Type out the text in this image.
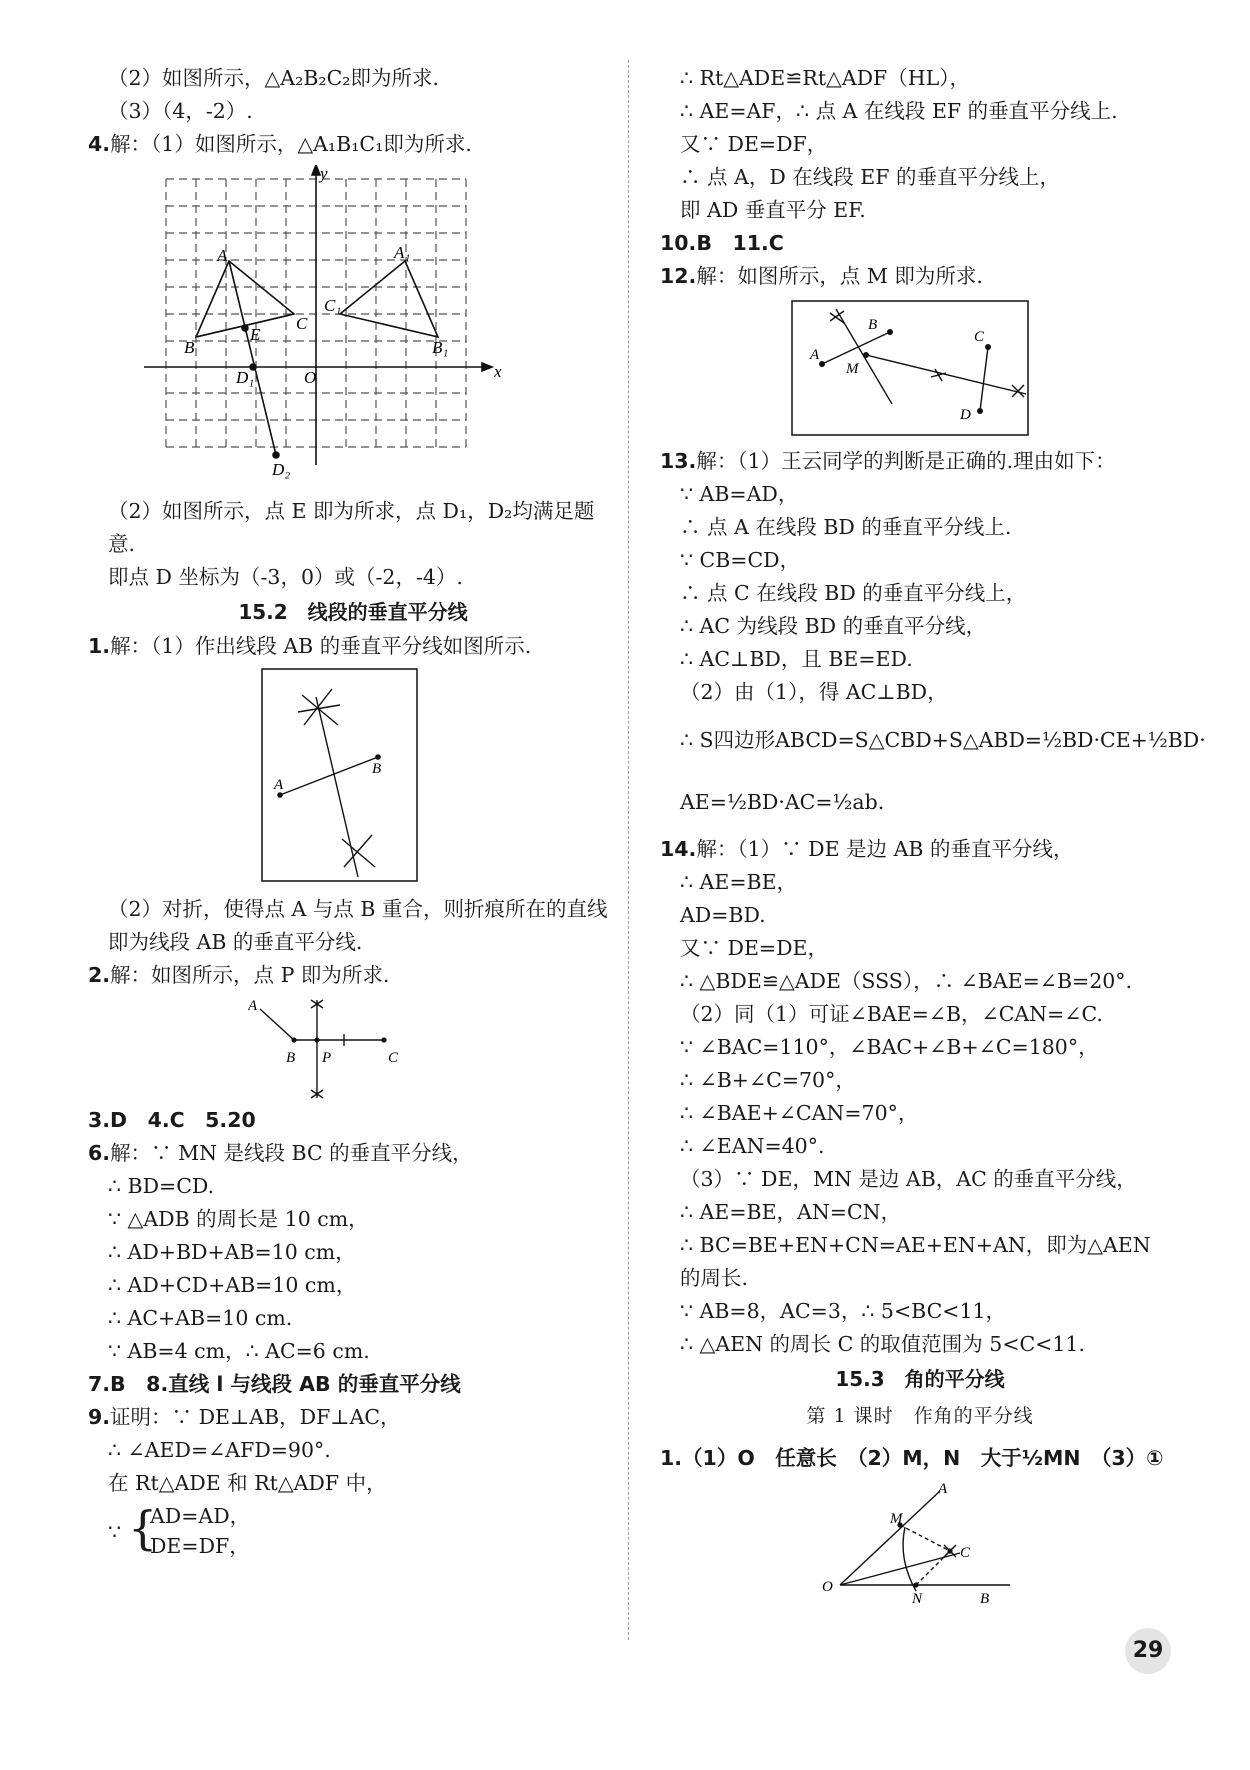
（2）如图所示，△A₂B₂C₂即为所求.
（3）（4，-2）.
4.解：（1）如图所示，△A₁B₁C₁即为所求.
y
x
O
A	A₁
B	B₁
C
C₁
E
D₁
D₂
（2）如图所示，点 E 即为所求，点 D₁，D₂均满足题意.
即点 D 坐标为（-3，0）或（-2，-4）.
15.2　线段的垂直平分线
1.解：（1）作出线段 AB 的垂直平分线如图所示.
A
B
（2）对折，使得点 A 与点 B 重合，则折痕所在的直线即为线段 AB 的垂直平分线.
2.解：如图所示，点 P 即为所求.
A
B P	C
3.D　4.C　5.20
6.解：∵ MN 是线段 BC 的垂直平分线，
∴ BD=CD.
∵ △ADB 的周长是 10 cm，
∴ AD+BD+AB=10 cm，
∴ AD+CD+AB=10 cm，
∴ AC+AB=10 cm.
∵ AB=4 cm，∴ AC=6 cm.
7.B　8.直线 l 与线段 AB 的垂直平分线
9.证明：∵ DE⊥AB，DF⊥AC，
∴ ∠AED=∠AFD=90°.
在 Rt△ADE 和 Rt△ADF 中，
∵ {
AD=AD，
DE=DF，
∴ Rt△ADE≌Rt△ADF（HL），
∴ AE=AF，∴ 点 A 在线段 EF 的垂直平分线上.
又∵ DE=DF，
∴ 点 A，D 在线段 EF 的垂直平分线上，
即 AD 垂直平分 EF.
10.B　11.C
12.解：如图所示，点 M 即为所求.
A
B
M
C
D
13.解：（1）王云同学的判断是正确的.理由如下：
∵ AB=AD，
∴ 点 A 在线段 BD 的垂直平分线上.
∵ CB=CD，
∴ 点 C 在线段 BD 的垂直平分线上，
∴ AC 为线段 BD 的垂直平分线，
∴ AC⊥BD，且 BE=ED.
（2）由（1），得 AC⊥BD，
∴ S四边形ABCD=S△CBD+S△ABD=½BD·CE+½BD·
AE=½BD·AC=½ab.
14.解：（1）∵ DE 是边 AB 的垂直平分线，
∴ AE=BE，
AD=BD.
又∵ DE=DE，
∴ △BDE≌△ADE（SSS），∴ ∠BAE=∠B=20°.
（2）同（1）可证∠BAE=∠B，∠CAN=∠C.
∵ ∠BAC=110°，∠BAC+∠B+∠C=180°，
∴ ∠B+∠C=70°，
∴ ∠BAE+∠CAN=70°，
∴ ∠EAN=40°.
（3）∵ DE，MN 是边 AB，AC 的垂直平分线，
∴ AE=BE，AN=CN，
∴ BC=BE+EN+CN=AE+EN+AN，即为△AEN
的周长.
∵ AB=8，AC=3，∴ 5<BC<11，
∴ △AEN 的周长 C 的取值范围为 5<C<11.
15.3　角的平分线
第 1 课时　作角的平分线
1.（1）O　任意长　（2）M，N　大于½MN　（3）①
A
M
C
O
N	B
29
